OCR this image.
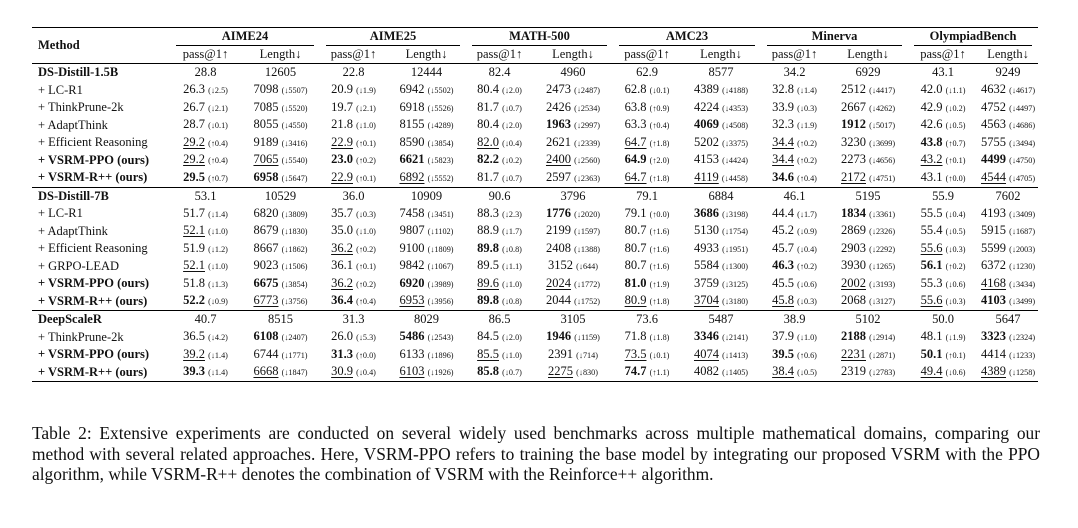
Method	AIME24		AIME25		MATH-500		AMC23		Minerva		OlympiadBench		
	pass@1↑	Length↓	pass@1↑	Length↓	pass@1↑	Length↓	pass@1↑	Length↓	pass@1↑	Length↓	pass@1↑	Length↓	
DS-Distill-1.5B	28.8	12605	22.8	12444	82.4	4960	62.9	8577	34.2	6929	43.1	9249	
+ LC-R1	26.3 (↓2.5)	7098 (↓5507)	20.9 (↓1.9)	6942 (↓5502)	80.4 (↓2.0)	2473 (↓2487)	62.8 (↓0.1)	4389 (↓4188)	32.8 (↓1.4)	2512 (↓4417)	42.0 (↓1.1)	4632 (↓4617)	
+ ThinkPrune-2k	26.7 (↓2.1)	7085 (↓5520)	19.7 (↓2.1)	6918 (↓5526)	81.7 (↓0.7)	2426 (↓2534)	63.8 (↑0.9)	4224 (↓4353)	33.9 (↓0.3)	2667 (↓4262)	42.9 (↓0.2)	4752 (↓4497)	
+ AdaptThink	28.7 (↓0.1)	8055 (↓4550)	21.8 (↓1.0)	8155 (↓4289)	80.4 (↓2.0)	1963 (↓2997)	63.3 (↑0.4)	4069 (↓4508)	32.3 (↓1.9)	1912 (↓5017)	42.6 (↓0.5)	4563 (↓4686)	
+ Efficient Reasoning	29.2 (↑0.4)	9189 (↓3416)	22.9 (↑0.1)	8590 (↓3854)	82.0 (↓0.4)	2621 (↓2339)	64.7 (↑1.8)	5202 (↓3375)	34.4 (↑0.2)	3230 (↓3699)	43.8 (↑0.7)	5755 (↓3494)	
+ VSRM-PPO (ours)	29.2 (↑0.4)	7065 (↓5540)	23.0 (↑0.2)	6621 (↓5823)	82.2 (↓0.2)	2400 (↓2560)	64.9 (↑2.0)	4153 (↓4424)	34.4 (↑0.2)	2273 (↓4656)	43.2 (↑0.1)	4499 (↓4750)	
+ VSRM-R++ (ours)	29.5 (↑0.7)	6958 (↓5647)	22.9 (↑0.1)	6892 (↓5552)	81.7 (↓0.7)	2597 (↓2363)	64.7 (↑1.8)	4119 (↓4458)	34.6 (↑0.4)	2172 (↓4751)	43.1 (↑0.0)	4544 (↓4705)	
DS-Distill-7B	53.1	10529	36.0	10909	90.6	3796	79.1	6884	46.1	5195	55.9	7602	
+ LC-R1	51.7 (↓1.4)	6820 (↓3809)	35.7 (↓0.3)	7458 (↓3451)	88.3 (↓2.3)	1776 (↓2020)	79.1 (↑0.0)	3686 (↓3198)	44.4 (↓1.7)	1834 (↓3361)	55.5 (↓0.4)	4193 (↓3409)	
+ AdaptThink	52.1 (↓1.0)	8679 (↓1830)	35.0 (↓1.0)	9807 (↓1102)	88.9 (↓1.7)	2199 (↓1597)	80.7 (↑1.6)	5130 (↓1754)	45.2 (↓0.9)	2869 (↓2326)	55.4 (↓0.5)	5915 (↓1687)	
+ Efficient Reasoning	51.9 (↓1.2)	8667 (↓1862)	36.2 (↑0.2)	9100 (↓1809)	89.8 (↓0.8)	2408 (↓1388)	80.7 (↑1.6)	4933 (↓1951)	45.7 (↓0.4)	2903 (↓2292)	55.6 (↓0.3)	5599 (↓2003)	
+ GRPO-LEAD	52.1 (↓1.0)	9023 (↓1506)	36.1 (↑0.1)	9842 (↓1067)	89.5 (↓1.1)	3152 (↓644)	80.7 (↑1.6)	5584 (↓1300)	46.3 (↑0.2)	3930 (↓1265)	56.1 (↑0.2)	6372 (↓1230)	
+ VSRM-PPO (ours)	51.8 (↓1.3)	6675 (↓3854)	36.2 (↑0.2)	6920 (↓3989)	89.6 (↓1.0)	2024 (↓1772)	81.0 (↑1.9)	3759 (↓3125)	45.5 (↓0.6)	2002 (↓3193)	55.3 (↓0.6)	4168 (↓3434)	
+ VSRM-R++ (ours)	52.2 (↓0.9)	6773 (↓3756)	36.4 (↑0.4)	6953 (↓3956)	89.8 (↓0.8)	2044 (↓1752)	80.9 (↑1.8)	3704 (↓3180)	45.8 (↓0.3)	2068 (↓3127)	55.6 (↓0.3)	4103 (↓3499)	
DeepScaleR	40.7	8515	31.3	8029	86.5	3105	73.6	5487	38.9	5102	50.0	5647	
+ ThinkPrune-2k	36.5 (↓4.2)	6108 (↓2407)	26.0 (↓5.3)	5486 (↓2543)	84.5 (↓2.0)	1946 (↓1159)	71.8 (↓1.8)	3346 (↓2141)	37.9 (↓1.0)	2188 (↓2914)	48.1 (↓1.9)	3323 (↓2324)	
+ VSRM-PPO (ours)	39.2 (↓1.4)	6744 (↓1771)	31.3 (↑0.0)	6133 (↓1896)	85.5 (↓1.0)	2391 (↓714)	73.5 (↓0.1)	4074 (↓1413)	39.5 (↑0.6)	2231 (↓2871)	50.1 (↑0.1)	4414 (↓1233)	
+ VSRM-R++ (ours)	39.3 (↓1.4)	6668 (↓1847)	30.9 (↓0.4)	6103 (↓1926)	85.8 (↓0.7)	2275 (↓830)	74.7 (↑1.1)	4082 (↓1405)	38.4 (↓0.5)	2319 (↓2783)	49.4 (↓0.6)	4389 (↓1258)	
Table 2: Extensive experiments are conducted on several widely used benchmarks across multiple mathematical domains, comparing our method with several related approaches. Here, VSRM-PPO refers to training the base model by integrating our proposed VSRM with the PPO algorithm, while VSRM-R++ denotes the combination of VSRM with the Reinforce++ algorithm.
